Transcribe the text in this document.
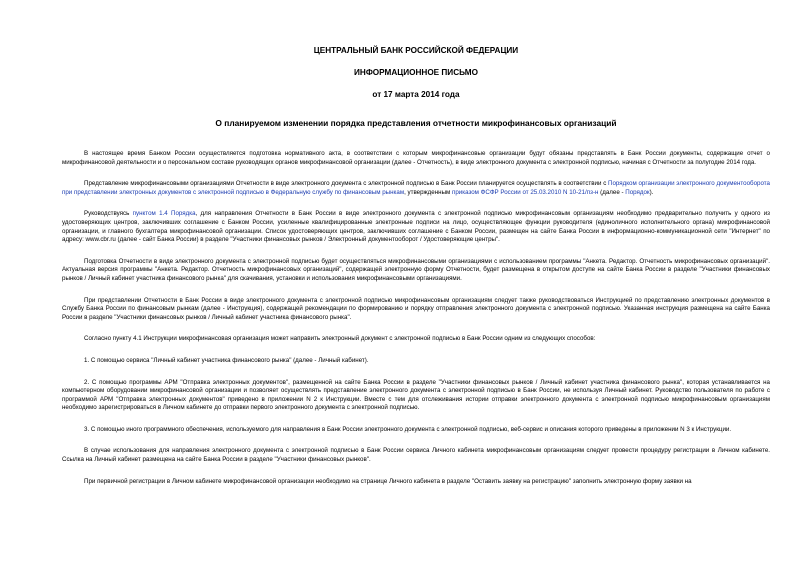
ЦЕНТРАЛЬНЫЙ БАНК РОССИЙСКОЙ ФЕДЕРАЦИИ
ИНФОРМАЦИОННОЕ ПИСЬМО
от 17 марта 2014 года
О планируемом изменении порядка представления отчетности микрофинансовых организаций

В настоящее время Банком России осуществляется подготовка нормативного акта, в соответствии с которым микрофинансовые организации будут обязаны представлять в Банк России документы, содержащие отчет о микрофинансовой деятельности и о персональном составе руководящих органов микрофинансовой организации (далее - Отчетность), в виде электронного документа с электронной подписью, начиная с Отчетности за полугодие 2014 года.

Представление микрофинансовыми организациями Отчетности в виде электронного документа с электронной подписью в Банк России планируется осуществлять в соответствии с Порядком организации электронного документооборота при представлении электронных документов с электронной подписью в Федеральную службу по финансовым рынкам, утвержденным приказом ФСФР России от 25.03.2010 N 10-21/пз-н (далее - Порядок).

Руководствуясь пунктом 1.4 Порядка, для направления Отчетности в Банк России в виде электронного документа с электронной подписью микрофинансовым организациям необходимо предварительно получить у одного из удостоверяющих центров, заключивших соглашение с Банком России, усиленные квалифицированные электронные подписи на лицо, осуществляющее функции руководителя (единоличного исполнительного органа) микрофинансовой организации, и главного бухгалтера микрофинансовой организации. Список удостоверяющих центров, заключивших соглашение с Банком России, размещен на сайте Банка России в информационно-коммуникационной сети "Интернет" по адресу: www.cbr.ru (далее - сайт Банка России) в разделе "Участники финансовых рынков / Электронный документооборот / Удостоверяющие центры".

Подготовка Отчетности в виде электронного документа с электронной подписью будет осуществляться микрофинансовыми организациями с использованием программы "Анкета. Редактор. Отчетность микрофинансовых организаций". Актуальная версия программы "Анкета. Редактор. Отчетность микрофинансовых организаций", содержащей электронную форму Отчетности, будет размещена в открытом доступе на сайте Банка России в разделе "Участники финансовых рынков / Личный кабинет участника финансового рынка" для скачивания, установки и использования микрофинансовыми организациями.

При представлении Отчетности в Банк России в виде электронного документа с электронной подписью микрофинансовым организациям следует также руководствоваться Инструкцией по представлению электронных документов в Службу Банка России по финансовым рынкам (далее - Инструкция), содержащей рекомендации по формированию и порядку отправления электронного документа с электронной подписью. Указанная инструкция размещена на сайте Банка России в разделе "Участники финансовых рынков / Личный кабинет участника финансового рынка".

Согласно пункту 4.1 Инструкции микрофинансовая организация может направить электронный документ с электронной подписью в Банк России одним из следующих способов:

1. С помощью сервиса "Личный кабинет участника финансового рынка" (далее - Личный кабинет).

2. С помощью программы АРМ "Отправка электронных документов", размещенной на сайте Банка России в разделе "Участники финансовых рынков / Личный кабинет участника финансового рынка", которая устанавливается на компьютерном оборудовании микрофинансовой организации и позволяет осуществлять представление электронного документа с электронной подписью в Банк России, не используя Личный кабинет. Руководство пользователя по работе с программой АРМ "Отправка электронных документов" приведено в приложении N 2 к Инструкции. Вместе с тем для отслеживания истории отправки электронного документа с электронной подписью микрофинансовым организациям необходимо зарегистрироваться в Личном кабинете до отправки первого электронного документа с электронной подписью.

3. С помощью иного программного обеспечения, используемого для направления в Банк России электронного документа с электронной подписью, веб-сервис и описания которого приведены в приложении N 3 к Инструкции.

В случае использования для направления электронного документа с электронной подписью в Банк России сервиса Личного кабинета микрофинансовым организациям следует провести процедуру регистрации в Личном кабинете. Ссылка на Личный кабинет размещена на сайте Банка России в разделе "Участники финансовых рынков".

При первичной регистрации в Личном кабинете микрофинансовой организации необходимо на странице Личного кабинета в разделе "Оставить заявку на регистрацию" заполнить электронную форму заявки на
